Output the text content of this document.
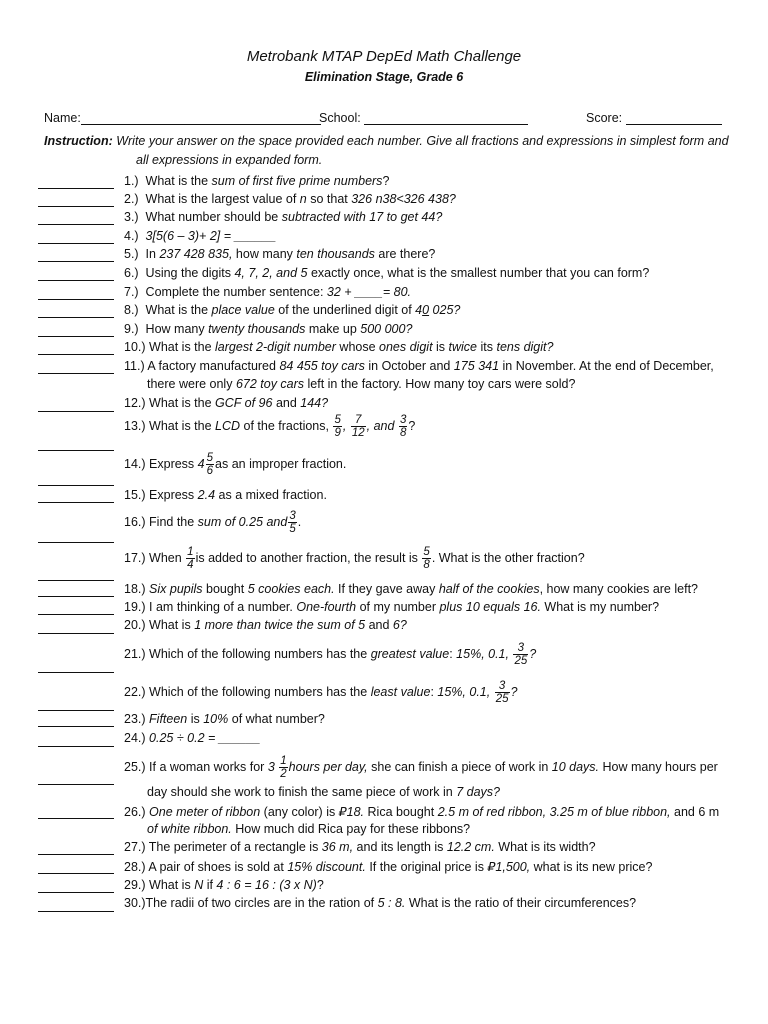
Metrobank MTAP DepEd Math Challenge
Elimination Stage, Grade 6
Name:	School:	Score:
Instruction: Write your answer on the space provided each number. Give all fractions and expressions in simplest form and
all expressions in expanded form.
1.) What is the sum of first five prime numbers?
2.) What is the largest value of n so that 326 n38<326 438?
3.) What number should be subtracted with 17 to get 44?
4.) 3[5(6 – 3)+ 2] = ______
5.) In 237 428 835, how many ten thousands are there?
6.) Using the digits 4, 7, 2, and 5 exactly once, what is the smallest number that you can form?
7.) Complete the number sentence: 32 + ____= 80.
8.) What is the place value of the underlined digit of 40 025?
9.) How many twenty thousands make up 500 000?
10.) What is the largest 2-digit number whose ones digit is twice its tens digit?
11.) A factory manufactured 84 455 toy cars in October and 175 341 in November. At the end of December,
there were only 672 toy cars left in the factory. How many toy cars were sold?
12.) What is the GCF of 96 and 144?
13.) What is the LCD of the fractions, $\frac{5}{9}$ , $\frac{7}{12}$ , and $\frac{3}{8}$ ?
14.) Express $4 \frac{5}{6}$ as an improper fraction.
15.) Express 2.4 as a mixed fraction.
16.) Find the sum of 0.25 and $\frac{3}{5}$ .
17.) When $\frac{1}{4}$ is added to another fraction, the result is $\frac{5}{8}$ . What is the other fraction?
18.) Six pupils bought 5 cookies each. If they gave away half of the cookies, how many cookies are left?
19.) I am thinking of a number. One-fourth of my number plus 10 equals 16. What is my number?
20.) What is 1 more than twice the sum of 5 and 6?
21.) Which of the following numbers has the greatest value: 15%, 0.1, $\frac{3}{25}$ ?
22.) Which of the following numbers has the least value: 15%, 0.1, $\frac{3}{25}$ ?
23.) Fifteen is 10% of what number?
24.) 0.25 ÷ 0.2 = ______
25.) If a woman works for $3 \frac{1}{2}$ hours per day, she can finish a piece of work in 10 days. How many hours per
day should she work to finish the same piece of work in 7 days?
26.) One meter of ribbon (any color) is ₽18. Rica bought 2.5 m of red ribbon, 3.25 m of blue ribbon, and 6 m
of white ribbon. How much did Rica pay for these ribbons?
27.) The perimeter of a rectangle is 36 m, and its length is 12.2 cm. What is its width?
28.) A pair of shoes is sold at 15% discount. If the original price is ₽1,500, what is its new price?
29.) What is N if 4 : 6 = 16 : (3 x N)?
30.)The radii of two circles are in the ration of 5 : 8. What is the ratio of their circumferences?
